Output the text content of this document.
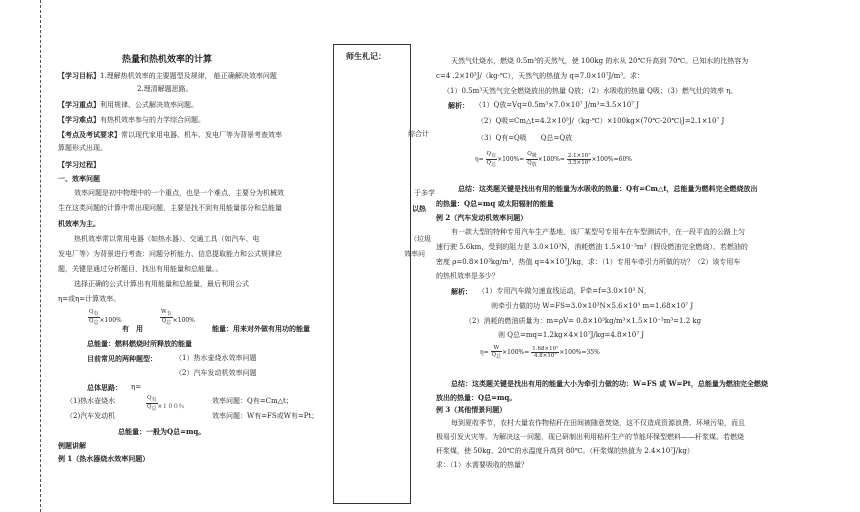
热量和热机效率的计算
【学习目标】1.理解热机效率的主要题型及规律， 能正确解决效率问题
2.理清解题思路。
【学习重点】利用规律、公式解决效率问题。
【学习难点】有热机效率参与的力学综合问题。
【考点及考试要求】常以现代家用电器、机车、发电厂等为背景考查效率	综合计
算题形式出现。
【学习过程】
一、效率问题
效率问题是初中物理中的一个重点，也是一个难点，主要分为机械效	于多学
生在这类问题的计算中常出现问题，主要是找不到有用能量部分和总能量	以热
机效率为主。
热机效率常以常用电器（如热水器）、交通工具（如汽车、电	（垃圾
发电厂等）为背景进行考查：问题分析能力、信息提取能力和公式规律应	效率问
题，关键是通过分析题目，找出有用能量和总能量。。
选择正确的公式计算出有用能量和总能量，最后利用公式
η=或η=计算效率。
$\frac{\text{Q有}}{\text{Q总}} \times 100\%$	$\frac{\text{W有}}{\text{Q总}} \times 100\%$
有　用	能量：用来对外做有用功的能量
总能量：燃料燃烧时所释放的能量
目前常见的两种题型：	（1）热水壶烧水效率问题
（2）汽车发动机效率问题
总体思路： η=
（1)热水壶烧水	$\frac{\text{Q有}}{\text{Q总}} \times 100$％
效率问题：Q有=Cm△t；
（2)汽车发动机	效率问题：W有=FS或W有=Pt；
总能量：一般为Q总=mq。
例题讲解
例 1（热水器烧水效率问题）
师生札记：	天然气灶烧水，燃烧 0.5m³的天然气，使 100kg 的水从 20℃升高到 70℃。已知水的比热容为
c=4 .2×10³J/（kg·℃），天然气的热值为 q=7.0×10⁷J/m³。求：
（1）0.5m³天然气完全燃烧放出的热量 Q放；（2）水吸收的热量 Q吸；（3）燃气灶的效率 η。
解析： （1）Q放=Vq=0.5m³×7.0×10⁷ J/m³=3.5×10⁷ J
（2）Q吸=Cm△t=4.2×10³J/（kg·℃）×100kg×(70℃-20℃)J=2.1×10⁷ J
（3）Q有=Q吸　　Q总=Q放
$\eta= \frac{\text{Q有}}{\text{Q总}} \times 100\%= \frac{\text{Q吸}}{\text{Q放}} \times 100\%= \frac{\text{2.1×10⁷}}{\text{3.5×10⁷}} \times 100\%=60\%$
总结：这类题关键是找出有用的能量为水吸收的热量：Q有=Cm△t，总能量为燃料完全燃烧放出
的热量：Q总=mq 或太阳辐射的能量
例 2（汽车发动机效率问题）
有一款大型的特种专用汽车生产基地，该厂某型号专用车在车型测试中，在一段平直的公路上匀
速行驶 5.6km，受到的阻力是 3.0×10³N，消耗燃油 1.5×10⁻³m³（假设燃油完全燃烧）。若燃油的
密度 ρ=0.8×10³kg/m³，热值 q=4×10⁷J/kg，求：（1）专用车牵引力所做的功？（2）该专用车
的热机效率是多少？
解析： （1）专用汽车做匀速直线运动，F牵=f=3.0×10³ N，
则牵引力做的功 W=FS=3.0×10³N×5.6×10³ m=1.68×10⁷ J
（2）消耗的燃油质量为：m=ρV= 0.8×10³kg/m³×1.5×10⁻³m³=1.2 kg
则 Q总=mq=1.2kg×4×10⁷J/kg=4.8×10⁷ J
$\eta= \frac{W}{\text{Q总}} \times 100\%= \frac{\text{1.68×10⁷}}{\text{4.8×10⁷}} \times 100\%=35\%$
总结：这类题关键是找出有用的能量大小为牵引力做的功：W=FS 或 W=Pt，总能量为燃油完全燃烧
放出的热量：Q总=mq。
例 3（其他情景问题）
每到夏收季节，农村大量农作物秸秆在田间被随意焚烧，这不仅造成资源浪费、环境污染，而且
极易引发火灾等。为解决这一问题，现已研制出利用秸秆生产的节能环保型燃料——秆浆煤。若燃烧
秆浆煤，使 50kg、20℃的水温度升高到 80℃。（秆浆煤的热值为 2.4×10⁷J/kg）
求：（1）水需要吸收的热量？
